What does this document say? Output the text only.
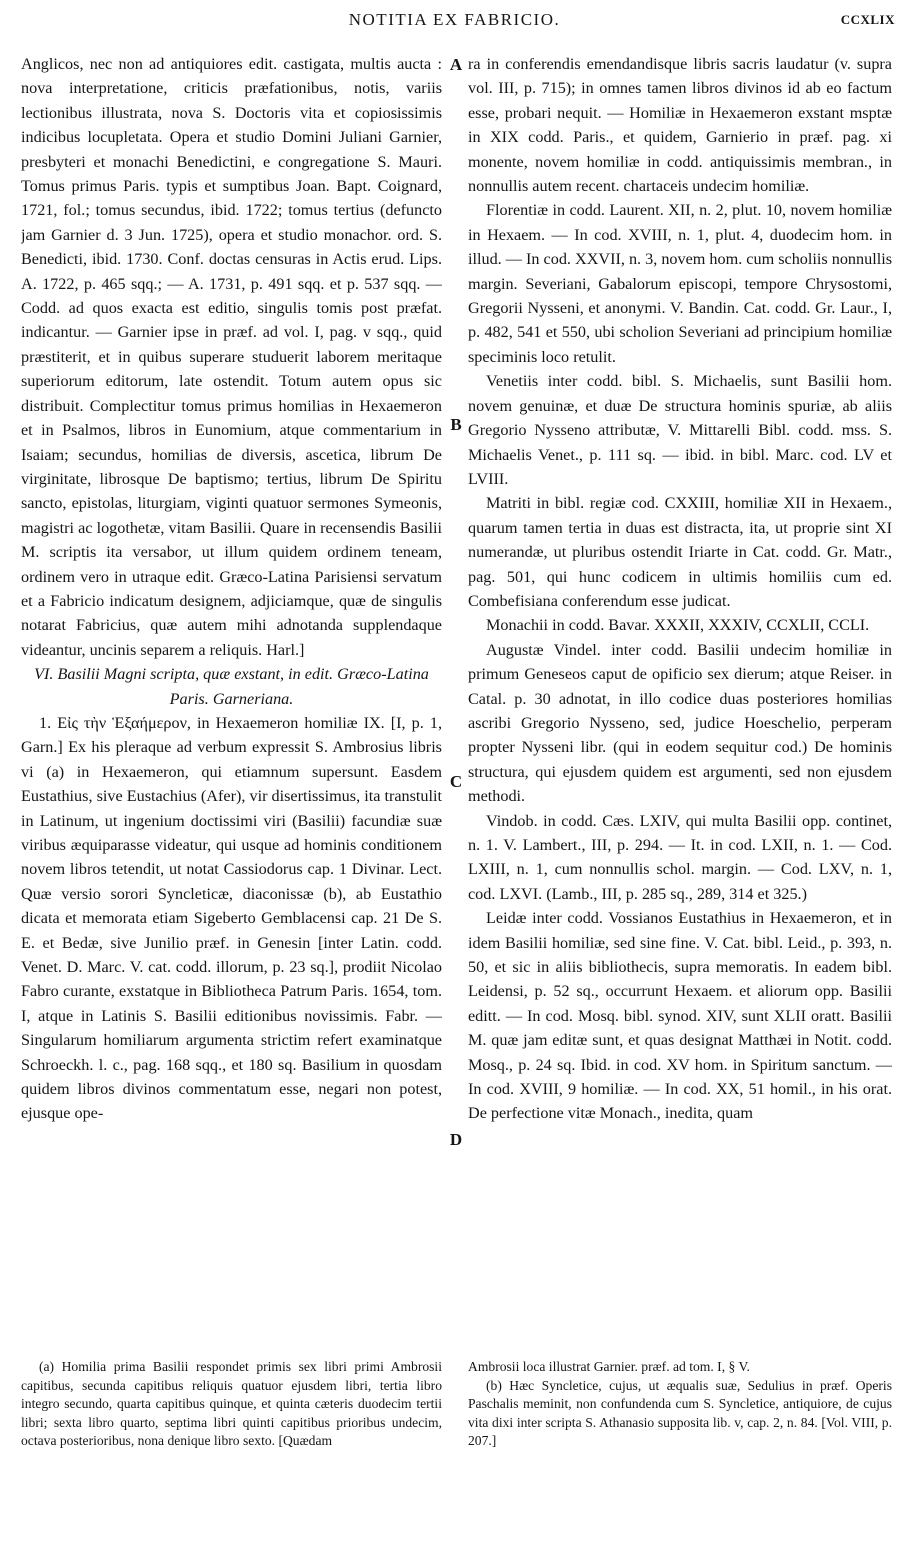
NOTITIA EX FABRICIO.	CCXLIX
A
B
C
D

Anglicos, nec non ad antiquiores edit. castigata, multis aucta : nova interpretatione, criticis præfationibus, notis, variis lectionibus illustrata, nova S. Doctoris vita et copiosissimis indicibus locupletata. Opera et studio Domini Juliani Garnier, presbyteri et monachi Benedictini, e congregatione S. Mauri. Tomus primus Paris. typis et sumptibus Joan. Bapt. Coignard, 1721, fol.; tomus secundus, ibid. 1722; tomus tertius (defuncto jam Garnier d. 3 Jun. 1725), opera et studio monachor. ord. S. Benedicti, ibid. 1730. Conf. doctas censuras in Actis erud. Lips. A. 1722, p. 465 sqq.; — A. 1731, p. 491 sqq. et p. 537 sqq. — Codd. ad quos exacta est editio, singulis tomis post præfat. indicantur. — Garnier ipse in præf. ad vol. I, pag. v sqq., quid præstiterit, et in quibus superare studuerit laborem meritaque superiorum editorum, late ostendit. Totum autem opus sic distribuit. Complectitur tomus primus homilias in Hexaemeron et in Psalmos, libros in Eunomium, atque commentarium in Isaiam; secundus, homilias de diversis, ascetica, librum De virginitate, librosque De baptismo; tertius, librum De Spiritu sancto, epistolas, liturgiam, viginti quatuor sermones Symeonis, magistri ac logothetæ, vitam Basilii. Quare in recensendis Basilii M. scriptis ita versabor, ut illum quidem ordinem teneam, ordinem vero in utraque edit. Græco-Latina Parisiensi servatum et a Fabricio indicatum designem, adjiciamque, quæ de singulis notarat Fabricius, quæ autem mihi adnotanda supplendaque videantur, uncinis separem a reliquis. Harl.]

VI. Basilii Magni scripta, quæ exstant, in edit. Græco-Latina Paris. Garneriana.

1. Εἰς τὴν Ἑξαήμερον, in Hexaemeron homiliæ IX. [I, p. 1, Garn.] Ex his pleraque ad verbum expressit S. Ambrosius libris vi (a) in Hexaemeron, qui etiamnum supersunt. Easdem Eustathius, sive Eustachius (Afer), vir disertissimus, ita transtulit in Latinum, ut ingenium doctissimi viri (Basilii) facundiæ suæ viribus æquiparasse videatur, qui usque ad hominis conditionem novem libros tetendit, ut notat Cassiodorus cap. 1 Divinar. Lect. Quæ versio sorori Syncleticæ, diaconissæ (b), ab Eustathio dicata et memorata etiam Sigeberto Gemblacensi cap. 21 De S. E. et Bedæ, sive Junilio præf. in Genesin [inter Latin. codd. Venet. D. Marc. V. cat. codd. illorum, p. 23 sq.], prodiit Nicolao Fabro curante, exstatque in Bibliotheca Patrum Paris. 1654, tom. I, atque in Latinis S. Basilii editionibus novissimis. Fabr. — Singularum homiliarum argumenta strictim refert examinatque Schroeckh. l. c., pag. 168 sqq., et 180 sq. Basilium in quosdam quidem libros divinos commentatum esse, negari non potest, ejusque ope-

ra in conferendis emendandisque libris sacris laudatur (v. supra vol. III, p. 715); in omnes tamen libros divinos id ab eo factum esse, probari nequit. — Homiliæ in Hexaemeron exstant msptæ in XIX codd. Paris., et quidem, Garnierio in præf. pag. xi monente, novem homiliæ in codd. antiquissimis membran., in nonnullis autem recent. chartaceis undecim homiliæ.

Florentiæ in codd. Laurent. XII, n. 2, plut. 10, novem homiliæ in Hexaem. — In cod. XVIII, n. 1, plut. 4, duodecim hom. in illud. — In cod. XXVII, n. 3, novem hom. cum scholiis nonnullis margin. Severiani, Gabalorum episcopi, tempore Chrysostomi, Gregorii Nysseni, et anonymi. V. Bandin. Cat. codd. Gr. Laur., I, p. 482, 541 et 550, ubi scholion Severiani ad principium homiliæ speciminis loco retulit.

Venetiis inter codd. bibl. S. Michaelis, sunt Basilii hom. novem genuinæ, et duæ De structura hominis spuriæ, ab aliis Gregorio Nysseno attributæ, V. Mittarelli Bibl. codd. mss. S. Michaelis Venet., p. 111 sq. — ibid. in bibl. Marc. cod. LV et LVIII.

Matriti in bibl. regiæ cod. CXXIII, homiliæ XII in Hexaem., quarum tamen tertia in duas est distracta, ita, ut proprie sint XI numerandæ, ut pluribus ostendit Iriarte in Cat. codd. Gr. Matr., pag. 501, qui hunc codicem in ultimis homiliis cum ed. Combefisiana conferendum esse judicat.

Monachii in codd. Bavar. XXXII, XXXIV, CCXLII, CCLI.

Augustæ Vindel. inter codd. Basilii undecim homiliæ in primum Geneseos caput de opificio sex dierum; atque Reiser. in Catal. p. 30 adnotat, in illo codice duas posteriores homilias ascribi Gregorio Nysseno, sed, judice Hoeschelio, perperam propter Nysseni libr. (qui in eodem sequitur cod.) De hominis structura, qui ejusdem quidem est argumenti, sed non ejusdem methodi.

Vindob. in codd. Cæs. LXIV, qui multa Basilii opp. continet, n. 1. V. Lambert., III, p. 294. — It. in cod. LXII, n. 1. — Cod. LXIII, n. 1, cum nonnullis schol. margin. — Cod. LXV, n. 1, cod. LXVI. (Lamb., III, p. 285 sq., 289, 314 et 325.)

Leidæ inter codd. Vossianos Eustathius in Hexaemeron, et in idem Basilii homiliæ, sed sine fine. V. Cat. bibl. Leid., p. 393, n. 50, et sic in aliis bibliothecis, supra memoratis. In eadem bibl. Leidensi, p. 52 sq., occurrunt Hexaem. et aliorum opp. Basilii editt. — In cod. Mosq. bibl. synod. XIV, sunt XLII oratt. Basilii M. quæ jam editæ sunt, et quas designat Matthæi in Notit. codd. Mosq., p. 24 sq. Ibid. in cod. XV hom. in Spiritum sanctum. — In cod. XVIII, 9 homiliæ. — In cod. XX, 51 homil., in his orat. De perfectione vitæ Monach., inedita, quam

(a) Homilia prima Basilii respondet primis sex libri primi Ambrosii capitibus, secunda capitibus reliquis quatuor ejusdem libri, tertia libro integro secundo, quarta capitibus quinque, et quinta cæteris duodecim tertii libri; sexta libro quarto, septima libri quinti capitibus prioribus undecim, octava posterioribus, nona denique libro sexto. [Quædam

Ambrosii loca illustrat Garnier. præf. ad tom. I, § V.

(b) Hæc Syncletice, cujus, ut æqualis suæ, Sedulius in præf. Operis Paschalis meminit, non confundenda cum S. Syncletice, antiquiore, de cujus vita dixi inter scripta S. Athanasio supposita lib. v, cap. 2, n. 84. [Vol. VIII, p. 207.]
